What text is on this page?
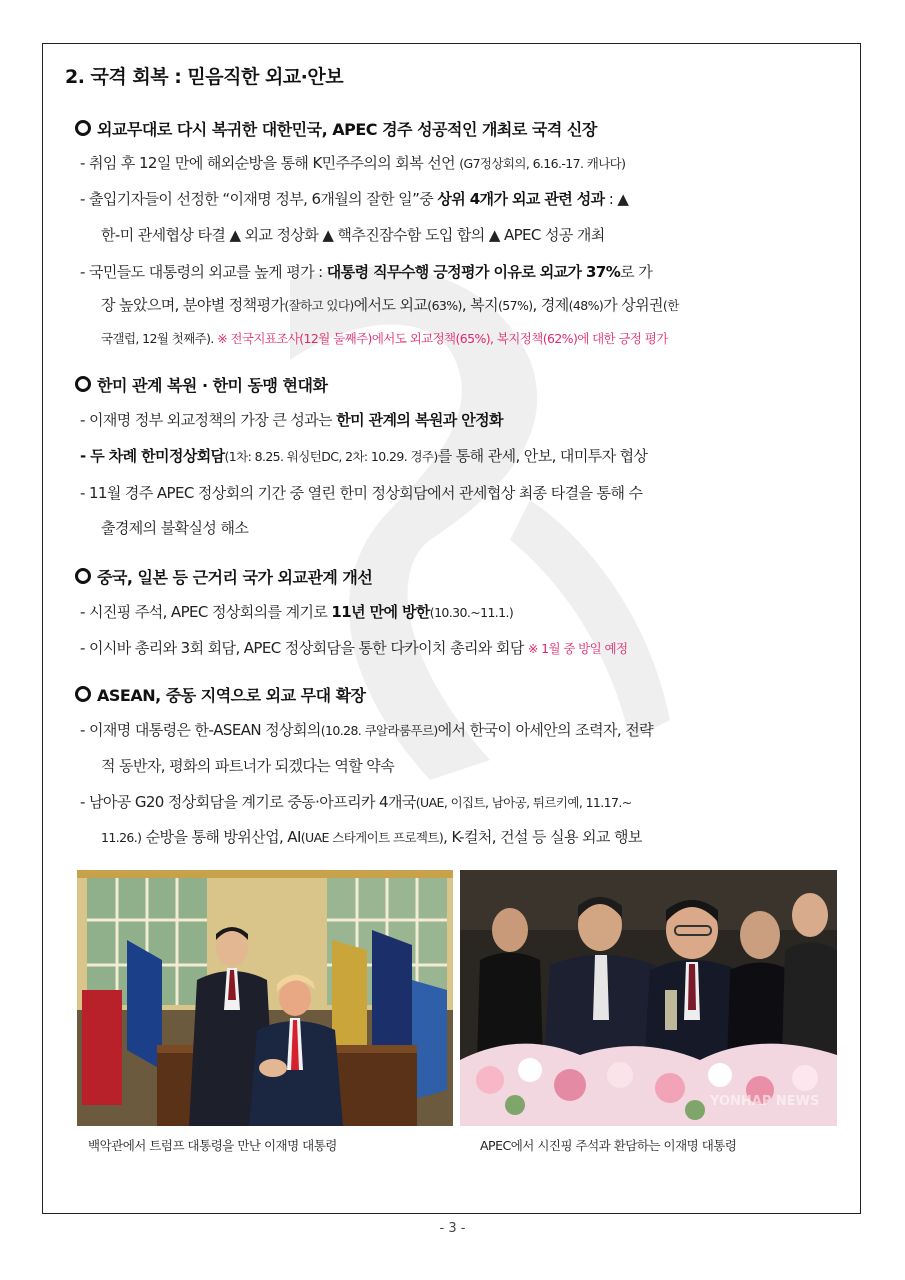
2. 국격 회복 : 믿음직한 외교·안보
외교무대로 다시 복귀한 대한민국, APEC 경주 성공적인 개최로 국격 신장
- 취임 후 12일 만에 해외순방을 통해 K민주주의의 회복 선언 (G7정상회의, 6.16.-17. 캐나다)
- 출입기자들이 선정한 “이재명 정부, 6개월의 잘한 일”중 상위 4개가 외교 관련 성과 : ▲
한-미 관세협상 타결 ▲ 외교 정상화 ▲ 핵추진잠수함 도입 합의 ▲ APEC 성공 개최
- 국민들도 대통령의 외교를 높게 평가 : 대통령 직무수행 긍정평가 이유로 외교가 37%로 가
장 높았으며, 분야별 정책평가(잘하고 있다)에서도 외교(63%), 복지(57%), 경제(48%)가 상위권(한
국갤럽, 12월 첫째주). ※ 전국지표조사(12월 둘째주)에서도 외교정책(65%), 복지정책(62%)에 대한 긍정 평가
한미 관계 복원 · 한미 동맹 현대화
- 이재명 정부 외교정책의 가장 큰 성과는 한미 관계의 복원과 안정화
- 두 차례 한미정상회담(1차: 8.25. 워싱턴DC, 2차: 10.29. 경주)를 통해 관세, 안보, 대미투자 협상
- 11월 경주 APEC 정상회의 기간 중 열린 한미 정상회담에서 관세협상 최종 타결을 통해 수
출경제의 불확실성 해소
중국, 일본 등 근거리 국가 외교관계 개선
- 시진핑 주석, APEC 정상회의를 계기로 11년 만에 방한(10.30.~11.1.)
- 이시바 총리와 3회 회담, APEC 정상회담을 통한 다카이치 총리와 회담 ※ 1월 중 방일 예정
ASEAN, 중동 지역으로 외교 무대 확장
- 이재명 대통령은 한-ASEAN 정상회의(10.28. 쿠알라룸푸르)에서 한국이 아세안의 조력자, 전략
적 동반자, 평화의 파트너가 되겠다는 역할 약속
- 남아공 G20 정상회담을 계기로 중동·아프리카 4개국(UAE, 이집트, 남아공, 튀르키예, 11.17.~
11.26.) 순방을 통해 방위산업, AI(UAE 스타게이트 프로젝트), K-컬처, 건설 등 실용 외교 행보
YONHAP NEWS
백악관에서 트럼프 대통령을 만난 이재명 대통령	APEC에서 시진핑 주석과 환담하는 이재명 대통령
- 3 -
